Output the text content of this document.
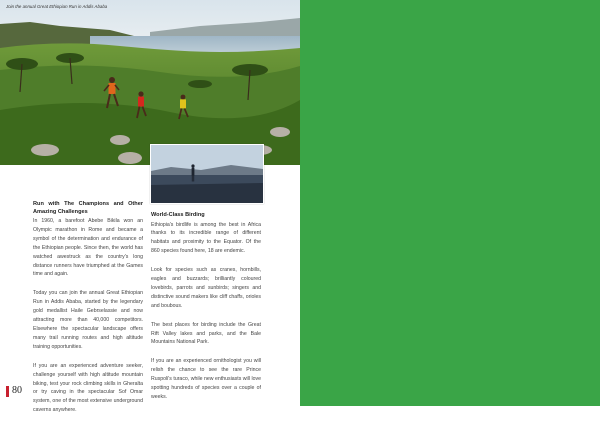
Join the annual Great Ethiopian Run in Addis Ababa
Run with The Champions and Other Amazing Challenges

In 1960, a barefoot Abebe Bikila won an Olympic marathon in Rome and became a symbol of the determination and endurance of the Ethiopian people. Since then, the world has watched awestruck as the country's long distance runners have triumphed at the Games time and again.

Today you can join the annual Great Ethiopian Run in Addis Ababa, started by the legendary gold medallist Haile Gebrselassie and now attracting more than 40,000 competitors. Elsewhere the spectacular landscape offers many trail running routes and high altitude training opportunities.

If you are an experienced adventure seeker, challenge yourself with high altitude mountain biking, test your rock climbing skills in Gheralta or try caving in the spectacular Sof Omar system, one of the most extensive underground caverns anywhere.

World-Class Birding

Ethiopia's birdlife is among the best in Africa thanks to its incredible range of different habitats and proximity to the Equator. Of the 860 species found here, 18 are endemic.

Look for species such as cranes, hornbills, eagles and buzzards; brilliantly coloured lovebirds, parrots and sunbirds; singers and distinctive sound makers like cliff chaffs, orioles and boubous.

The best places for birding include the Great Rift Valley lakes and parks, and the Bale Mountains National Park.

If you are an experienced ornithologist you will relish the chance to see the rare Prince Ruspoli's turaco, while new enthusiasts will love spotting hundreds of species over a couple of weeks.

80
